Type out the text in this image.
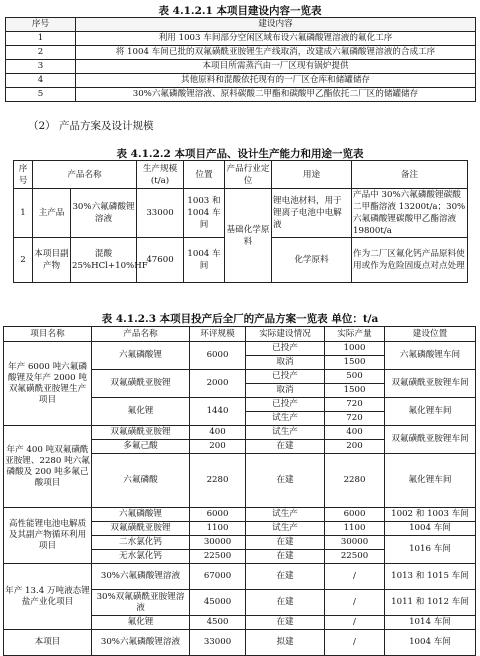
表 4.1.2.1 本项目建设内容一览表
序号	建设内容
1	利用 1003 车间部分空闲区域布设六氟磷酸锂溶液的氟化工序
2	将 1004 车间已批的双氟磺酰亚胺锂生产线取消，改建成六氟磷酸锂溶液的合成工序
3	本项目所需蒸汽由一厂区现有锅炉提供
4	其他原料和混酸依托现有的一厂区仓库和储罐储存
5	30%六氟磷酸锂溶液、原料碳酸二甲酯和碳酸甲乙酯依托二厂区的储罐储存
（2） 产品方案及设计规模
表 4.1.2.2 本项目产品、设计生产能力和用途一览表
序号	产品名称		生产规模 (t/a)	位置	产品行业定位	用途	备注
1	主产品	30%六氟磷酸锂溶液	33000	1003 和 1004 车间	基础化学原料	锂电池材料，用于锂离子电池中电解液	产品中 30%六氟磷酸锂碳酸二甲酯溶液 13200t/a；30%六氟磷酸锂碳酸甲乙酯溶液 19800t/a
2	本项目副产物	混酸 25%HCl+10%HF	47600	1004 车间		化学原料	作为二厂区氟化钙产品原料使用或作为危险固废点对点处理
表 4.1.2.3 本项目投产后全厂的产品方案一览表 单位：t/a
项目名称	产品名称	环评规模	实际建设情况	实际产量	建设位置
年产 6000 吨六氟磷酸锂及年产 2000 吨双氟磺酰亚胺锂生产项目	六氟磷酸锂	6000	已投产	1000	六氟磷酸锂车间
			取消	1500	
	双氟磺酰亚胺锂	2000	已投产	500	双氟磺酰亚胺锂车间
			取消	1500	
	氟化锂	1440	已投产	720	氟化锂车间
			试生产	720	
年产 400 吨双氟磺酰亚胺锂、2280 吨六氟磷酸及 200 吨多氟己酸项目	双氟磺酰亚胺锂	400	试生产	400	双氟磺酰亚胺锂车间
	多氟己酸	200	在建	200	
	六氟磷酸	2280	在建	2280	氟化锂车间

高性能锂电池电解质及其副产物循环利用项目	六氟磷酸锂	6000	试生产	6000	1002 和 1003 车间
	双氟磺酰亚胺锂	1100	试生产	1100	1004 车间
	二水氯化钙	30000	在建	30000	1016 车间
	无水氯化钙	22500	在建	22500	
年产 13.4 万吨液态锂盐产业化项目	30%六氟磷酸锂溶液	67000	在建	/	1013 和 1015 车间
	30%双氟磺酰亚胺锂溶液	45000	在建	/	1011 和 1012 车间
	氟化锂	4500	在建	/	1014 车间
本项目	30%六氟磷酸锂溶液	33000	拟建	/	1004 车间
